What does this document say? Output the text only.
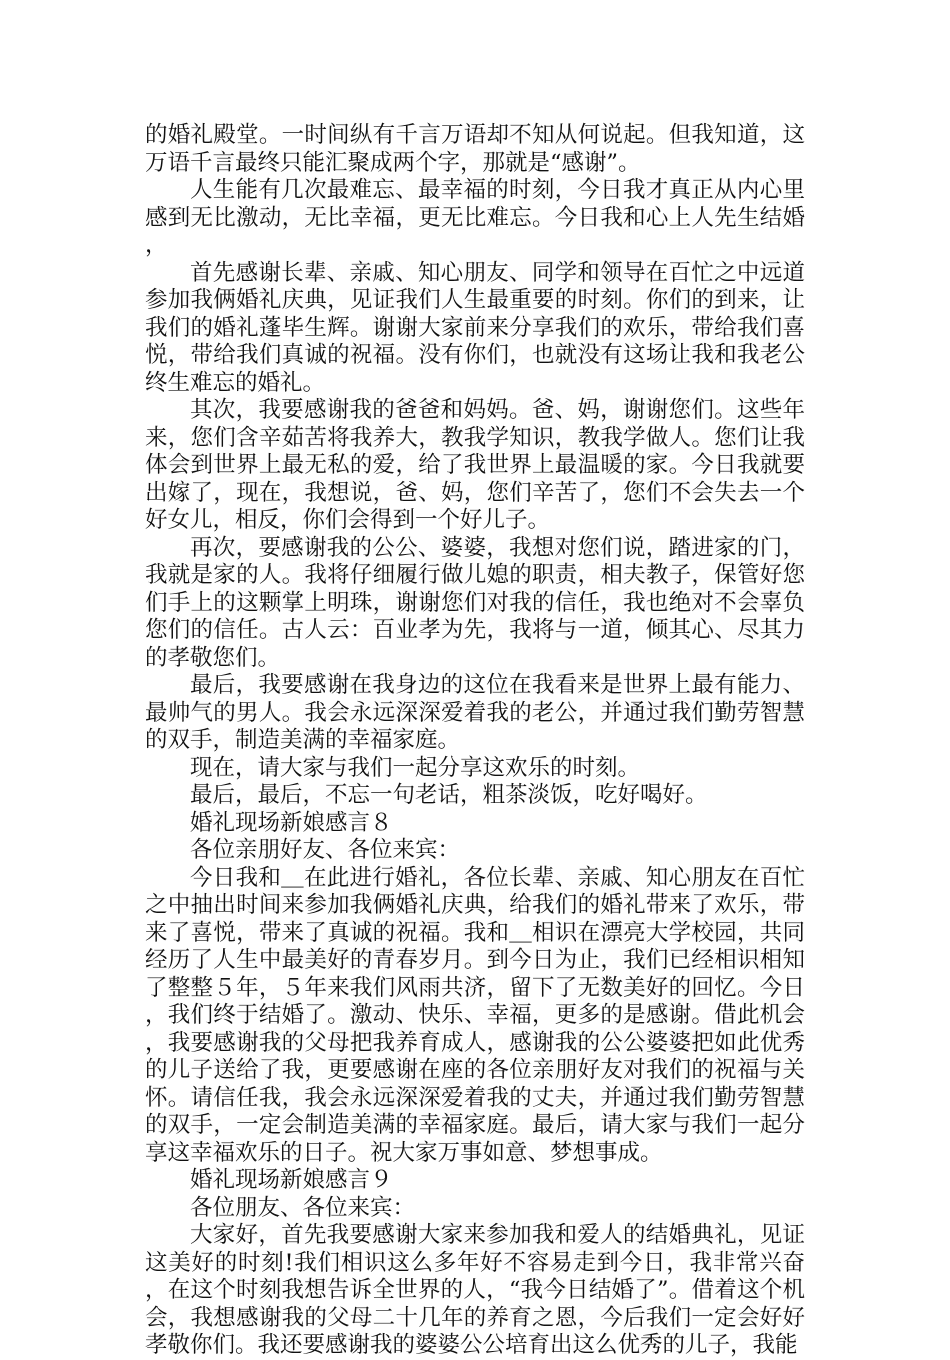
的婚礼殿堂。一时间纵有千言万语却不知从何说起。但我知道，这万语千言最终只能汇聚成两个字，那就是“感谢”。

人生能有几次最难忘、最幸福的时刻，今日我才真正从内心里感到无比激动，无比幸福，更无比难忘。今日我和心上人先生结婚，

首先感谢长辈、亲戚、知心朋友、同学和领导在百忙之中远道参加我俩婚礼庆典，见证我们人生最重要的时刻。你们的到来，让我们的婚礼蓬毕生辉。谢谢大家前来分享我们的欢乐，带给我们喜悦，带给我们真诚的祝福。没有你们，也就没有这场让我和我老公终生难忘的婚礼。

其次，我要感谢我的爸爸和妈妈。爸、妈，谢谢您们。这些年来，您们含辛茹苦将我养大，教我学知识，教我学做人。您们让我体会到世界上最无私的爱，给了我世界上最温暖的家。今日我就要出嫁了，现在，我想说，爸、妈，您们辛苦了，您们不会失去一个好女儿，相反，你们会得到一个好儿子。

再次，要感谢我的公公、婆婆，我想对您们说，踏进家的门，我就是家的人。我将仔细履行做儿媳的职责，相夫教子，保管好您们手上的这颗掌上明珠，谢谢您们对我的信任，我也绝对不会辜负您们的信任。古人云：百业孝为先，我将与一道，倾其心、尽其力的孝敬您们。

最后，我要感谢在我身边的这位在我看来是世界上最有能力、最帅气的男人。我会永远深深爱着我的老公，并通过我们勤劳智慧的双手，制造美满的幸福家庭。

现在，请大家与我们一起分享这欢乐的时刻。

最后，最后，不忘一句老话，粗茶淡饭，吃好喝好。

婚礼现场新娘感言８

各位亲朋好友、各位来宾：

今日我和＿在此进行婚礼，各位长辈、亲戚、知心朋友在百忙之中抽出时间来参加我俩婚礼庆典，给我们的婚礼带来了欢乐，带来了喜悦，带来了真诚的祝福。我和＿相识在漂亮大学校园，共同经历了人生中最美好的青春岁月。到今日为止，我们已经相识相知了整整５年，５年来我们风雨共济，留下了无数美好的回忆。今日，我们终于结婚了。激动、快乐、幸福，更多的是感谢。借此机会，我要感谢我的父母把我养育成人，感谢我的公公婆婆把如此优秀的儿子送给了我，更要感谢在座的各位亲朋好友对我们的祝福与关怀。请信任我，我会永远深深爱着我的丈夫，并通过我们勤劳智慧的双手，一定会制造美满的幸福家庭。最后，请大家与我们一起分享这幸福欢乐的日子。祝大家万事如意、梦想事成。

婚礼现场新娘感言９

各位朋友、各位来宾：

大家好，首先我要感谢大家来参加我和爱人的结婚典礼，见证这美好的时刻!我们相识这么多年好不容易走到今日，我非常兴奋，在这个时刻我想告诉全世界的人，“我今日结婚了”。借着这个机会，我想感谢我的父母二十几年的养育之恩，今后我们一定会好好孝敬你们。我还要感谢我的婆婆公公培育出这么优秀的儿子，我能
